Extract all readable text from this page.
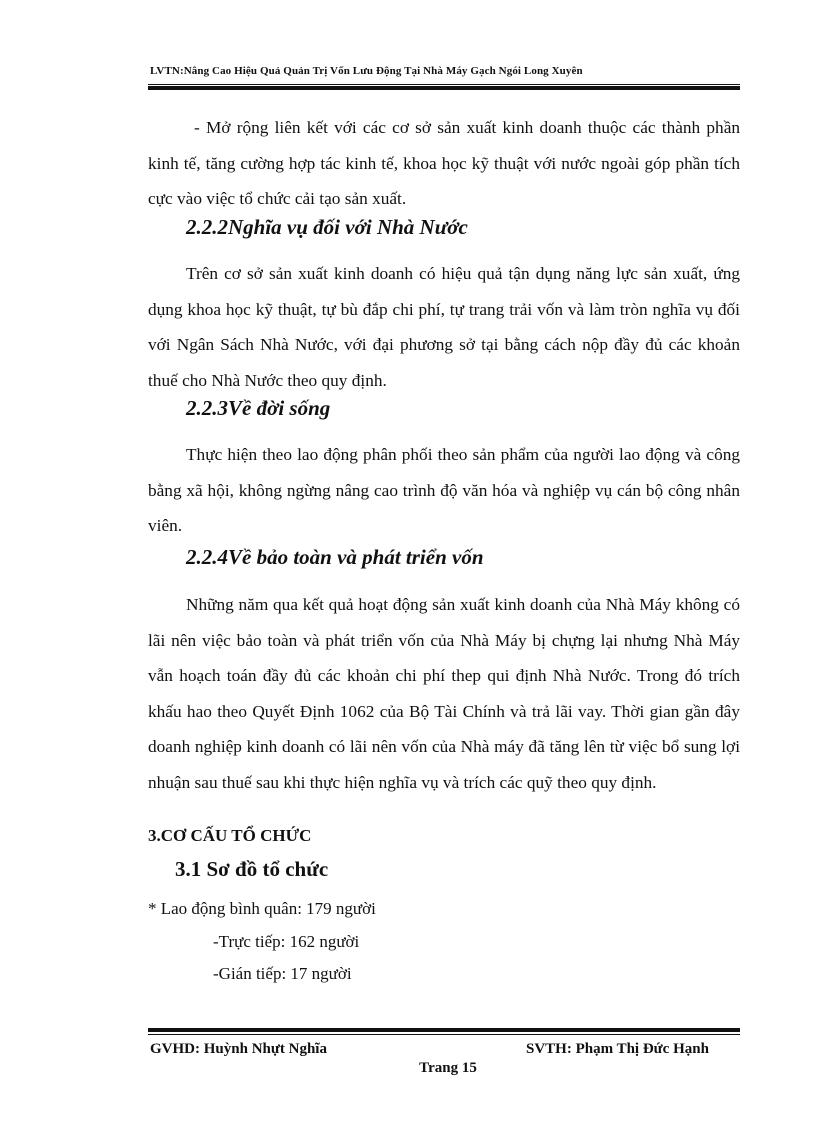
LVTN:Nâng Cao Hiệu Quả Quản Trị Vốn Lưu Động Tại Nhà Máy Gạch Ngói Long Xuyên

- Mở rộng liên kết với các cơ sở sản xuất kinh doanh thuộc các thành phần kinh tế, tăng cường hợp tác kinh tế, khoa học kỹ thuật với nước ngoài góp phần tích cực vào việc tổ chức cải tạo sản xuất.

2.2.2Nghĩa vụ đối với Nhà Nước

Trên cơ sở sản xuất kinh doanh có hiệu quả tận dụng năng lực sản xuất, ứng dụng khoa học kỹ thuật, tự bù đắp chi phí, tự trang trải vốn và làm tròn nghĩa vụ đối với Ngân Sách Nhà Nước, với đại phương sở tại bằng cách nộp đầy đủ các khoản thuế cho Nhà Nước theo quy định.

2.2.3Về đời sống

Thực hiện theo lao động phân phối theo sản phẩm của người lao động và công bằng xã hội, không ngừng nâng cao trình độ văn hóa và nghiệp vụ cán bộ công nhân viên.

2.2.4Về bảo toàn và phát triển vốn

Những năm qua kết quả hoạt động sản xuất kinh doanh của Nhà Máy không có lãi nên việc bảo toàn và phát triển vốn của Nhà Máy bị chựng lại nhưng Nhà Máy vẫn hoạch toán đầy đủ các khoản chi phí thep qui định Nhà Nước. Trong đó trích khấu hao theo Quyết Định 1062 của Bộ Tài Chính và trả lãi vay. Thời gian gần đây doanh nghiệp kinh doanh có lãi nên vốn của Nhà máy đã tăng lên từ việc bổ sung lợi nhuận sau thuế sau khi thực hiện nghĩa vụ và trích các quỹ theo quy định.

3.CƠ CẤU TỔ CHỨC
3.1 Sơ đồ tổ chức
* Lao động bình quân: 179 người
-Trực tiếp: 162 người
-Gián tiếp: 17 người
GVHD: Huỳnh Nhựt Nghĩa	SVTH: Phạm Thị Đức Hạnh
Trang 15
